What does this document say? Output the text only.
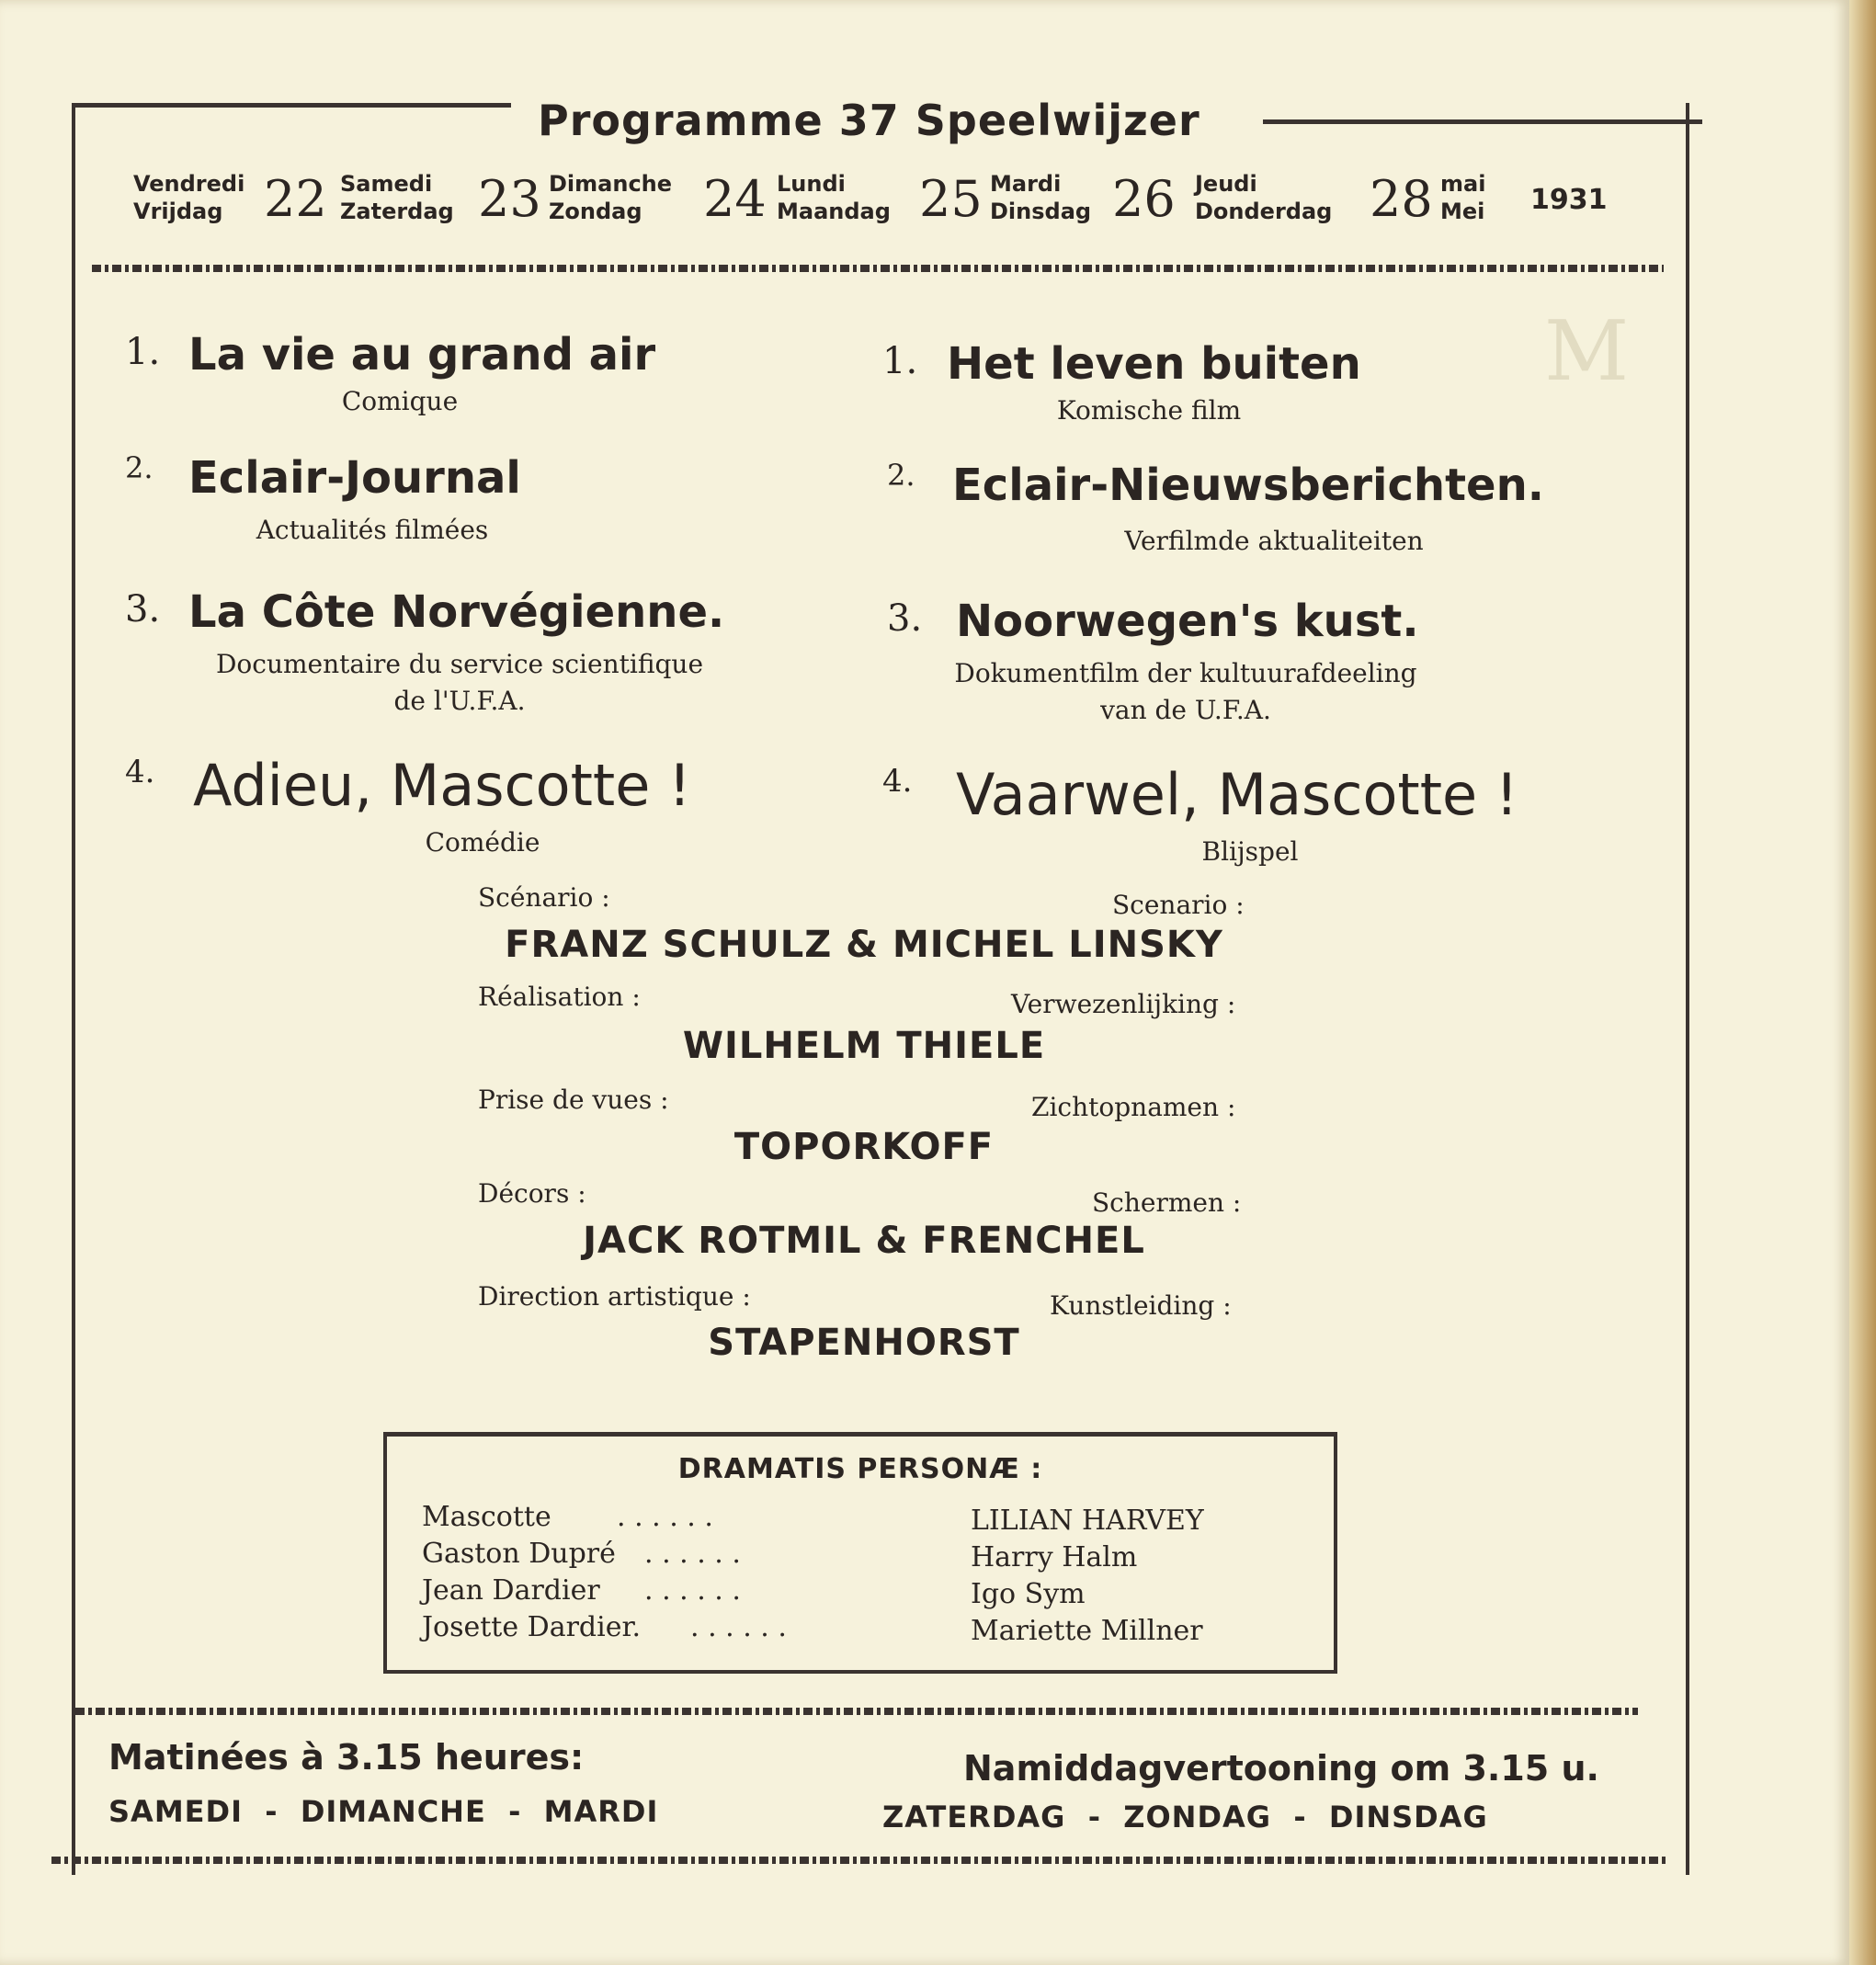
M
Programme 37 Speelwijzer
Vendredi
Vrijdag 22 Samedi
Zaterdag 23 Dimanche
Zondag	24 Lundi
Maandag 25 Mardi
Dinsdag 26 Jeudi
Donderdag 28 mai
Mei 1931
1. La vie au grand air
Comique
2. Eclair-Journal
Actualités filmées
3. La Côte Norvégienne.
Documentaire du service scientifique
de l'U.F.A.
4. Adieu, Mascotte !
Comédie
1. Het leven buiten
Komische film
2. Eclair-Nieuwsberichten.
Verfilmde aktualiteiten
3. Noorwegen's kust.
Dokumentfilm der kultuurafdeeling
van de U.F.A.
4. Vaarwel, Mascotte !
Blijspel
Scénario :	Scenario :
FRANZ SCHULZ & MICHEL LINSKY
Réalisation :	Verwezenlijking :
WILHELM THIELE
Prise de vues :	Zichtopnamen :
TOPORKOFF
Décors :	Schermen :
JACK ROTMIL & FRENCHEL
Direction artistique :	Kunstleiding :
STAPENHORST
DRAMATIS PERSONÆ :
Mascotte . . . . . .	LILIAN HARVEY
Gaston Dupré . . . . . .	Harry Halm
Jean Dardier . . . . . .	Igo Sym
Josette Dardier. . . . . . .	Mariette Millner
Matinées à 3.15 heures:
SAMEDI  -  DIMANCHE  -  MARDI
Namiddagvertooning om 3.15 u.
ZATERDAG  -  ZONDAG  -  DINSDAG
